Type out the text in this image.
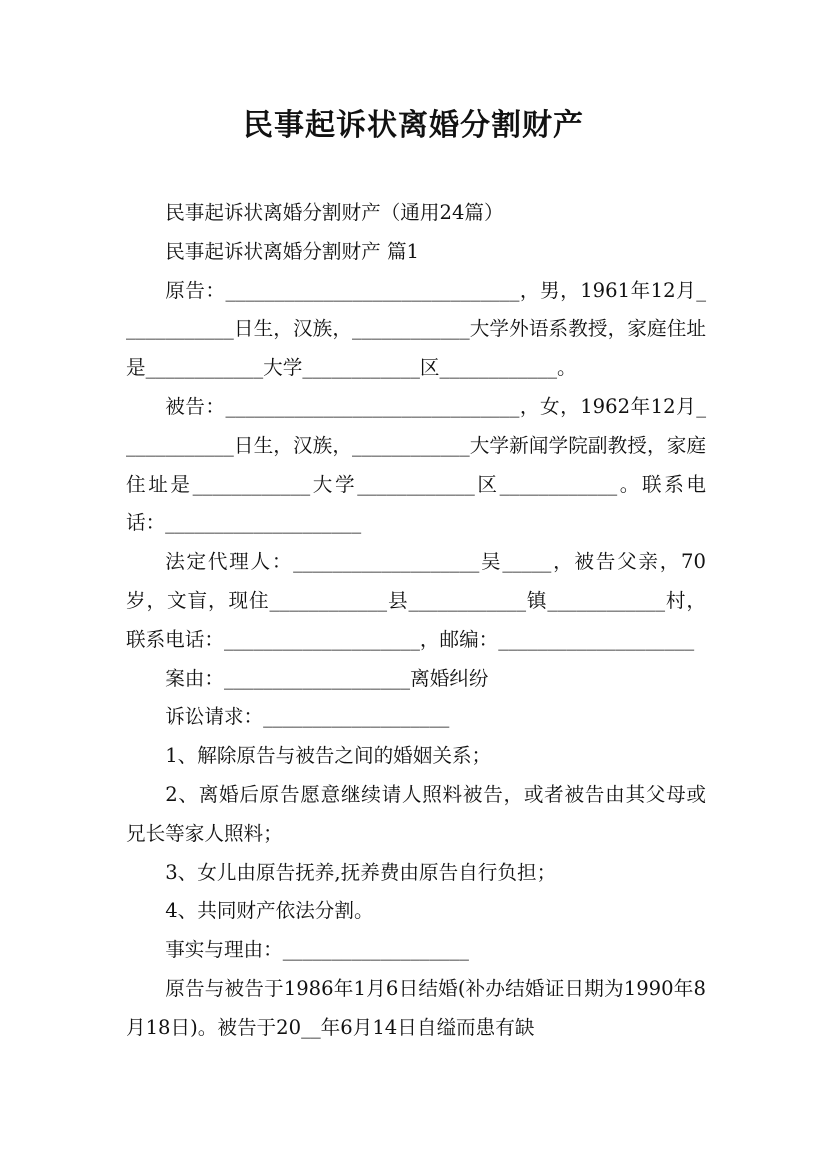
民事起诉状离婚分割财产

民事起诉状离婚分割财产（通用24篇）

民事起诉状离婚分割财产 篇1

原告：______________________________，男，1961年12月____________日生，汉族，____________大学外语系教授，家庭住址是____________大学____________区____________。

被告：______________________________，女，1962年12月____________日生，汉族，____________大学新闻学院副教授，家庭住址是____________大学____________区____________。联系电话：____________________

法定代理人：___________________吴_____，被告父亲，70岁，文盲，现住____________县____________镇____________村，联系电话：____________________，邮编：____________________

案由：___________________离婚纠纷

诉讼请求：___________________

1、解除原告与被告之间的婚姻关系；

2、离婚后原告愿意继续请人照料被告，或者被告由其父母或兄长等家人照料；

3、女儿由原告抚养,抚养费由原告自行负担；

4、共同财产依法分割。

事实与理由：___________________

原告与被告于1986年1月6日结婚(补办结婚证日期为1990年8月18日)。被告于20__年6月14日自缢而患有缺
